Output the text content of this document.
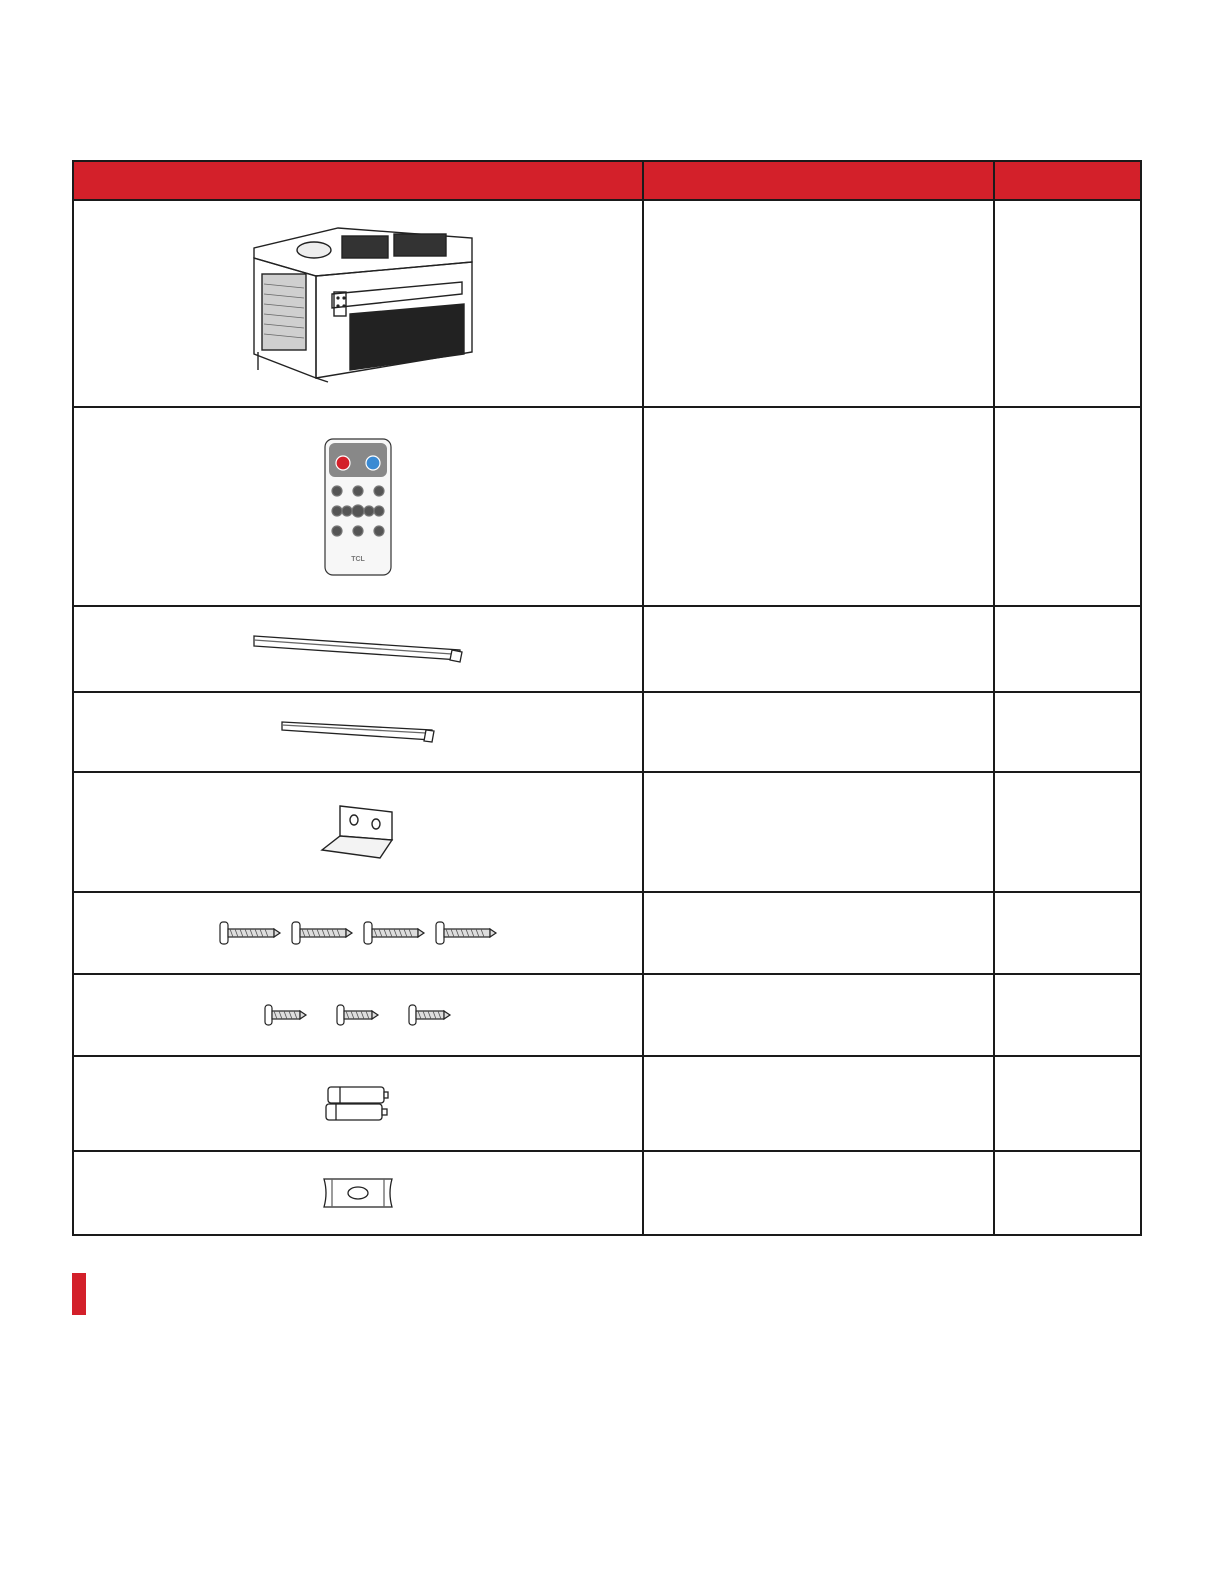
TCL		
